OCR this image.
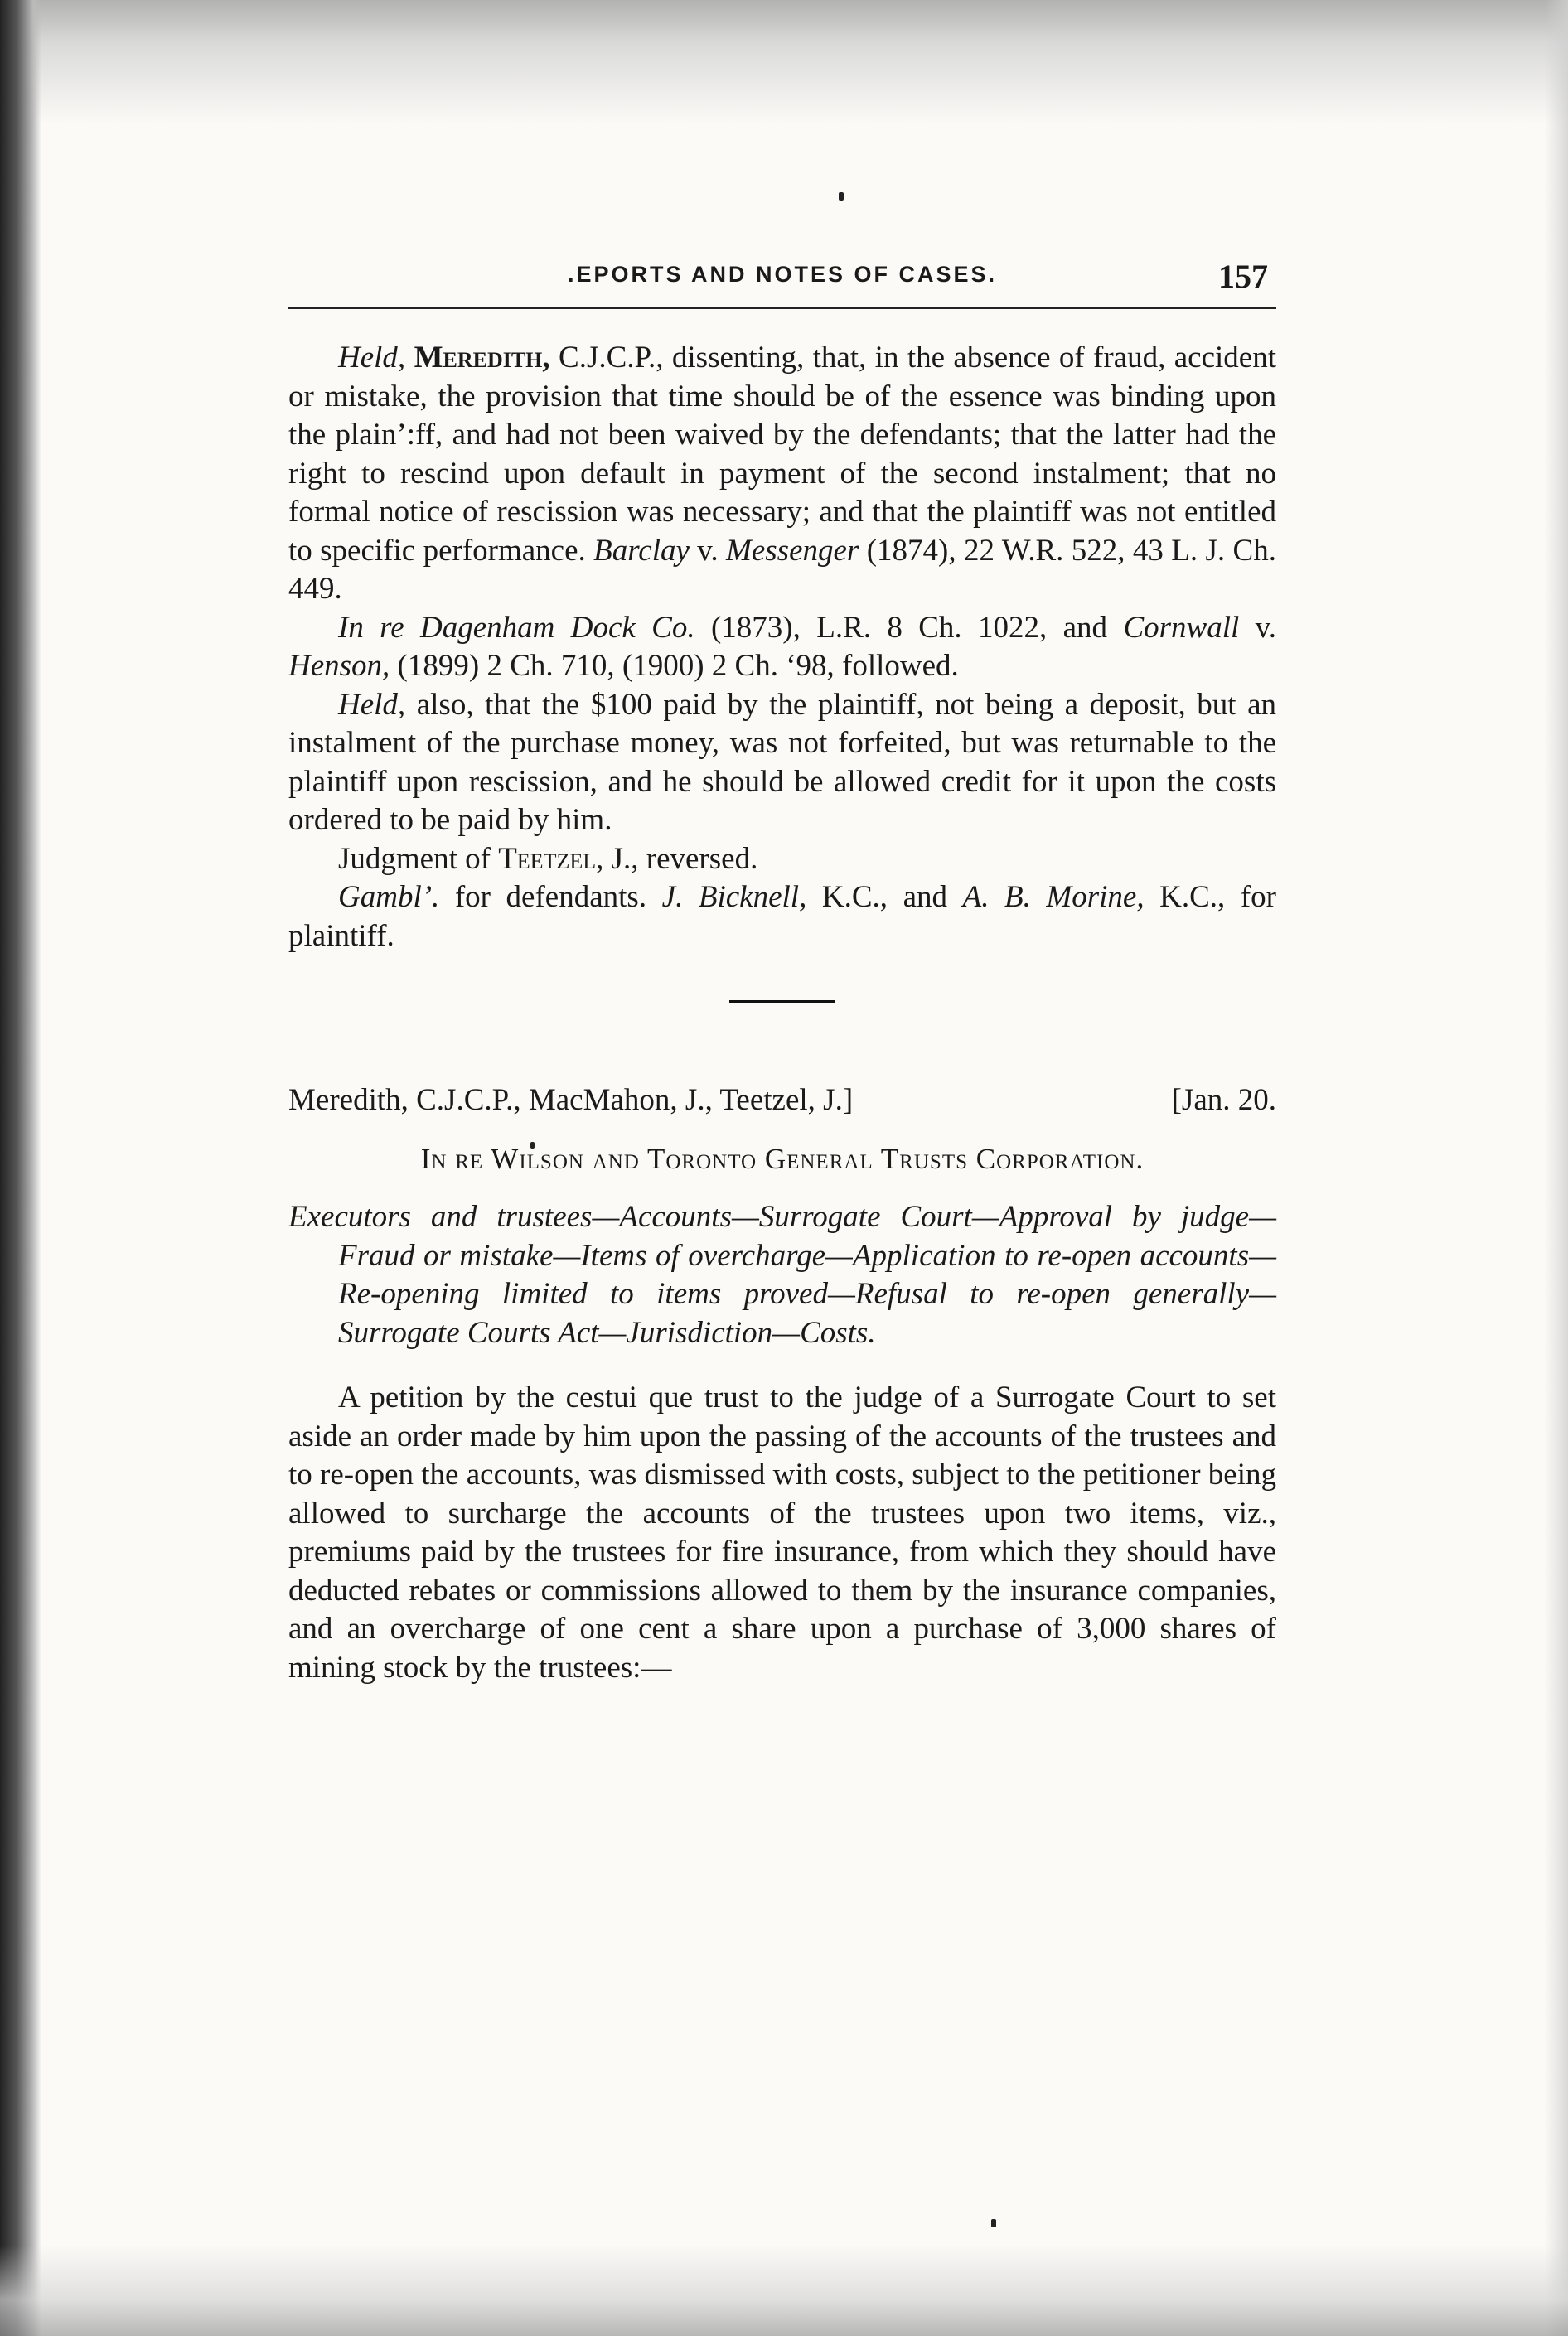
.EPORTS AND NOTES OF CASES.	157

Held, Meredith, C.J.C.P., dissenting, that, in the absence of fraud, accident or mistake, the provision that time should be of the essence was binding upon the plain’:ff, and had not been waived by the defendants; that the latter had the right to rescind upon default in payment of the second instalment; that no formal notice of rescission was necessary; and that the plaintiff was not entitled to specific performance. Barclay v. Messenger (1874), 22 W.R. 522, 43 L. J. Ch. 449.

In re Dagenham Dock Co. (1873), L.R. 8 Ch. 1022, and Cornwall v. Henson, (1899) 2 Ch. 710, (1900) 2 Ch. ‘98, followed.

Held, also, that the $100 paid by the plaintiff, not being a deposit, but an instalment of the purchase money, was not forfeited, but was returnable to the plaintiff upon rescission, and he should be allowed credit for it upon the costs ordered to be paid by him.

Judgment of Teetzel, J., reversed.

Gambl’. for defendants. J. Bicknell, K.C., and A. B. Morine, K.C., for plaintiff.

Meredith, C.J.C.P., MacMahon, J., Teetzel, J.]	[Jan. 20.
In re Wilson and Toronto General Trusts Corporation.
Executors and trustees—Accounts—Surrogate Court—Approval by judge—Fraud or mistake—Items of overcharge—Application to re-open accounts—Re-opening limited to items proved—Refusal to re-open generally—Surrogate Courts Act—Jurisdiction—Costs.

A petition by the cestui que trust to the judge of a Surrogate Court to set aside an order made by him upon the passing of the accounts of the trustees and to re-open the accounts, was dismissed with costs, subject to the petitioner being allowed to surcharge the accounts of the trustees upon two items, viz., premiums paid by the trustees for fire insurance, from which they should have deducted rebates or commissions allowed to them by the insurance companies, and an overcharge of one cent a share upon a purchase of 3,000 shares of mining stock by the trustees:—
